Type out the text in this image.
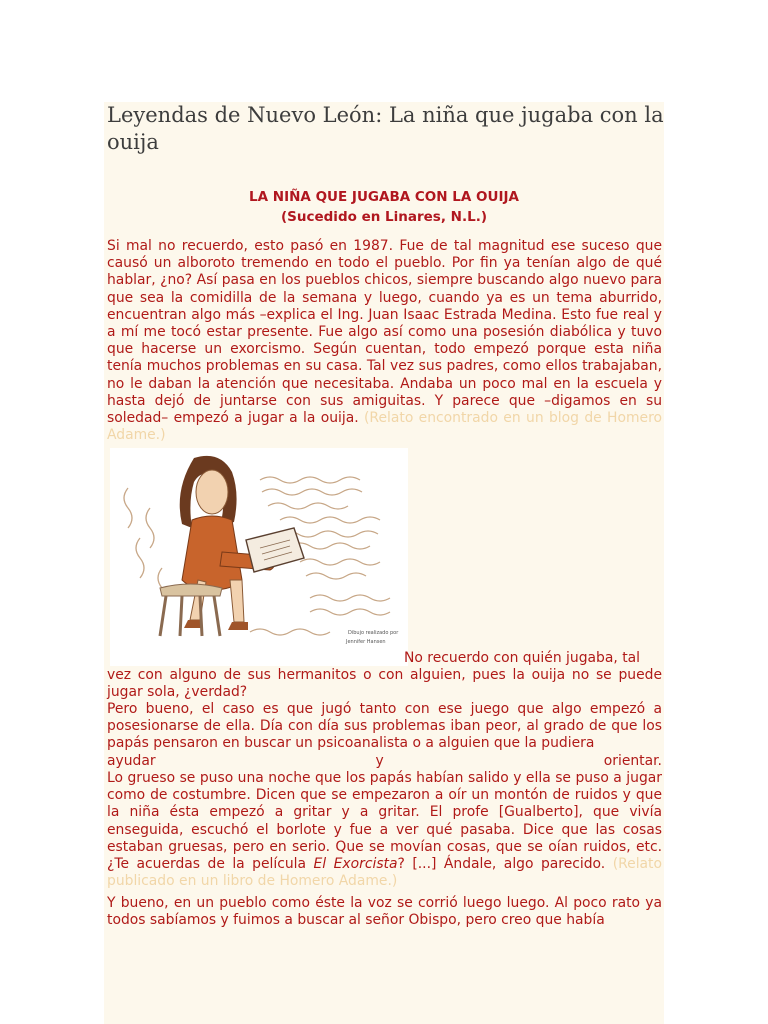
Leyendas de Nuevo León: La niña que jugaba con la ouija
LA NIÑA QUE JUGABA CON LA OUIJA
(Sucedido en Linares, N.L.)

Si mal no recuerdo, esto pasó en 1987. Fue de tal magnitud ese suceso que causó un alboroto tremendo en todo el pueblo. Por fin ya tenían algo de qué hablar, ¿no? Así pasa en los pueblos chicos, siempre buscando algo nuevo para que sea la comidilla de la semana y luego, cuando ya es un tema aburrido, encuentran algo más –explica el Ing. Juan Isaac Estrada Medina. Esto fue real y a mí me tocó estar presente. Fue algo así como una posesión diabólica y tuvo que hacerse un exorcismo. Según cuentan, todo empezó porque esta niña tenía muchos problemas en su casa. Tal vez sus padres, como ellos trabajaban, no le daban la atención que necesitaba. Andaba un poco mal en la escuela y hasta dejó de juntarse con sus amiguitas. Y parece que –digamos en su soledad– empezó a jugar a la ouija. (Relato encontrado en un blog de Homero Adame.)

Dibujo realizado por
Jennifer Hansen
No recuerdo con quién jugaba, tal

vez con alguno de sus hermanitos o con alguien, pues la ouija no se puede jugar sola, ¿verdad?

Pero bueno, el caso es que jugó tanto con ese juego que algo empezó a posesionarse de ella. Día con día sus problemas iban peor, al grado de que los papás pensaron en buscar un psicoanalista o a alguien que la pudiera

ayudar	y	orientar.

Lo grueso se puso una noche que los papás habían salido y ella se puso a jugar como de costumbre. Dicen que se empezaron a oír un montón de ruidos y que la niña ésta empezó a gritar y a gritar. El profe [Gualberto], que vivía enseguida, escuchó el borlote y fue a ver qué pasaba. Dice que las cosas estaban gruesas, pero en serio. Que se movían cosas, que se oían ruidos, etc. ¿Te acuerdas de la película El Exorcista? [...] Ándale, algo parecido. (Relato publicado en un libro de Homero Adame.)

Y bueno, en un pueblo como éste la voz se corrió luego luego. Al poco rato ya todos sabíamos y fuimos a buscar al señor Obispo, pero creo que había
